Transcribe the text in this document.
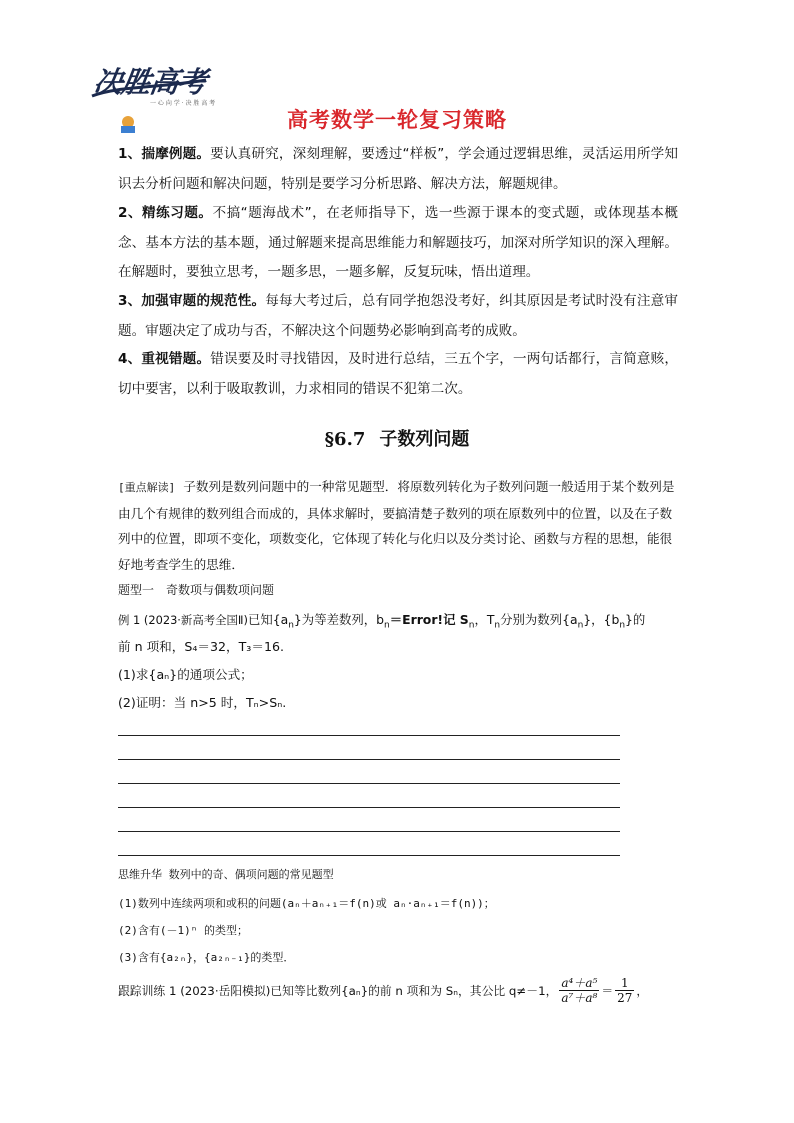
决胜高考
一 心 向 学 · 决 胜 高 考
高考数学一轮复习策略
1、揣摩例题。要认真研究，深刻理解，要透过“样板”，学会通过逻辑思维，灵活运用所学知识去分析问题和解决问题，特别是要学习分析思路、解决方法，解题规律。
2、精练习题。不搞“题海战术”，在老师指导下，选一些源于课本的变式题，或体现基本概念、基本方法的基本题，通过解题来提高思维能力和解题技巧，加深对所学知识的深入理解。在解题时，要独立思考，一题多思，一题多解，反复玩味，悟出道理。
3、加强审题的规范性。每每大考过后，总有同学抱怨没考好，纠其原因是考试时没有注意审题。审题决定了成功与否，不解决这个问题势必影响到高考的成败。
4、重视错题。错误要及时寻找错因，及时进行总结，三五个字，一两句话都行，言简意赅，切中要害，以利于吸取教训，力求相同的错误不犯第二次。
§6.7 子数列问题
[重点解读] 子数列是数列问题中的一种常见题型．将原数列转化为子数列问题一般适用于某个数列是由几个有规律的数列组合而成的，具体求解时，要搞清楚子数列的项在原数列中的位置，以及在子数列中的位置，即项不变化，项数变化，它体现了转化与化归以及分类讨论、函数与方程的思想，能很好地考查学生的思维．
题型一　奇数项与偶数项问题
例 1 (2023·新高考全国Ⅱ)已知$\{a_n\}$为等差数列，$b_n=Error$!记 $S_n$，$T_n$分别为数列$\{a_n\}$，$\{b_n\}$的
前 n 项和，S₄＝32，T₃＝16.
(1)求{aₙ}的通项公式；
(2)证明：当 n>5 时，Tₙ>Sₙ.
思维升华 数列中的奇、偶项问题的常见题型
(1)数列中连续两项和或积的问题(aₙ＋aₙ₊₁＝f(n)或 aₙ·aₙ₊₁＝f(n))；
(2)含有(－1)ⁿ 的类型；
(3)含有{a₂ₙ}，{a₂ₙ₋₁}的类型．
跟踪训练 1 (2023·岳阳模拟)已知等比数列{aₙ}的前 n 项和为 Sₙ，其公比 q≠－1， $\frac{\text{a⁴＋a⁵}}{\text{a⁷＋a⁸}} = \frac{1}{27}$ ，
